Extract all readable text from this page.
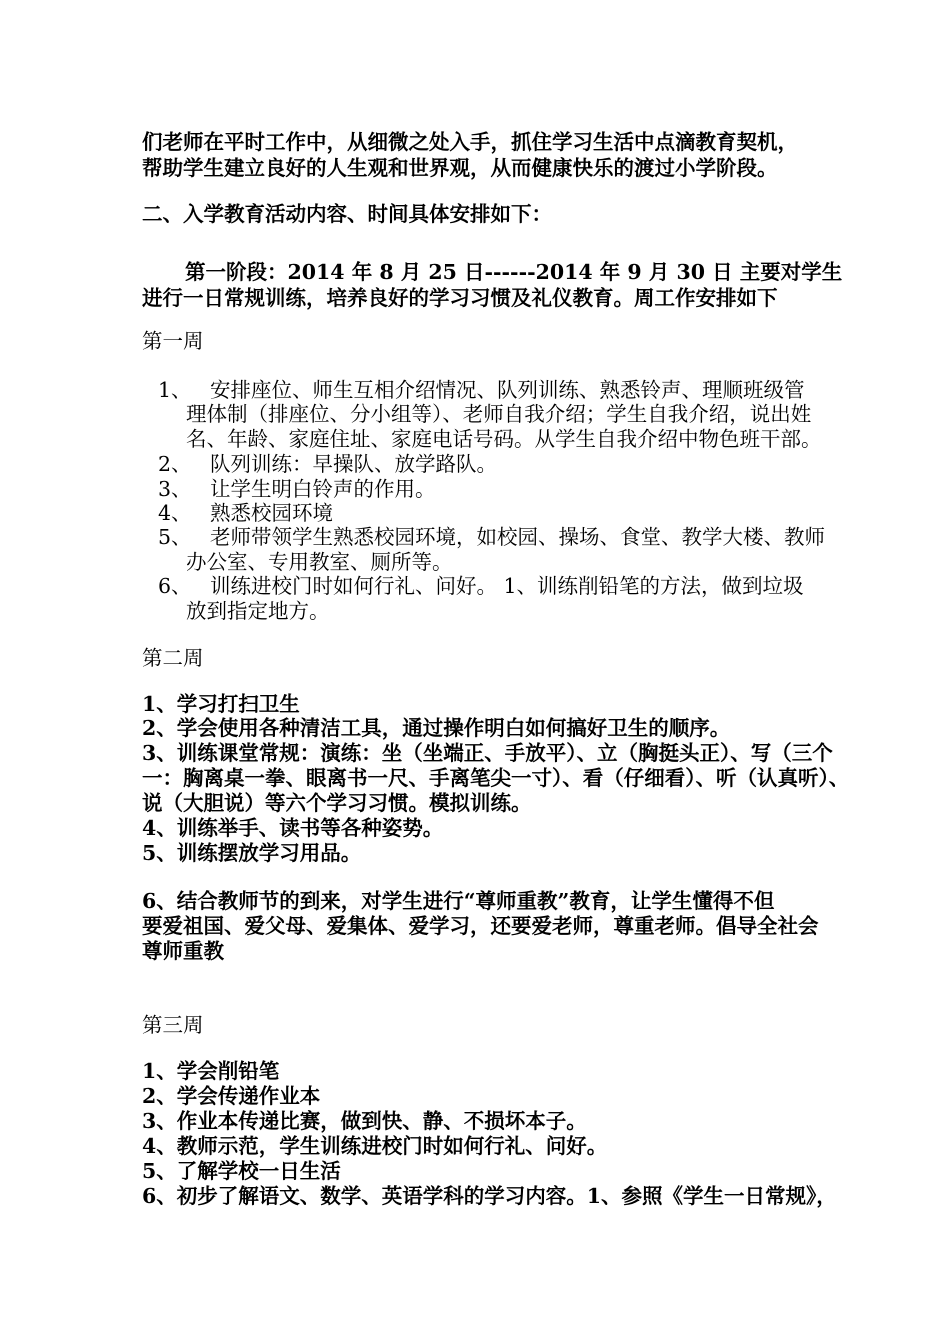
们老师在平时工作中，从细微之处入手，抓住学习生活中点滴教育契机，
帮助学生建立良好的人生观和世界观，从而健康快乐的渡过小学阶段。
二、入学教育活动内容、时间具体安排如下：
第一阶段：2014 年 8 月 25 日------2014 年 9 月 30 日 主要对学生
进行一日常规训练，培养良好的学习习惯及礼仪教育。周工作安排如下
第一周
1、 安排座位、师生互相介绍情况、队列训练、熟悉铃声、理顺班级管
理体制（排座位、分小组等）、老师自我介绍；学生自我介绍，说出姓
名、年龄、家庭住址、家庭电话号码。从学生自我介绍中物色班干部。
2、 队列训练：早操队、放学路队。
3、 让学生明白铃声的作用。
4、 熟悉校园环境
5、 老师带领学生熟悉校园环境，如校园、操场、食堂、教学大楼、教师
办公室、专用教室、厕所等。
6、 训练进校门时如何行礼、问好。 1、训练削铅笔的方法，做到垃圾
放到指定地方。
第二周
1、学习打扫卫生
2、学会使用各种清洁工具，通过操作明白如何搞好卫生的顺序。
3、训练课堂常规：演练：坐（坐端正、手放平）、立（胸挺头正）、写（三个
一：胸离桌一拳、眼离书一尺、手离笔尖一寸）、看（仔细看）、听（认真听）、
说（大胆说）等六个学习习惯。模拟训练。
4、训练举手、读书等各种姿势。
5、训练摆放学习用品。
6、结合教师节的到来，对学生进行“尊师重教”教育，让学生懂得不但
要爱祖国、爱父母、爱集体、爱学习，还要爱老师，尊重老师。倡导全社会
尊师重教
第三周
1、学会削铅笔
2、学会传递作业本
3、作业本传递比赛，做到快、静、不损坏本子。
4、教师示范，学生训练进校门时如何行礼、问好。
5、了解学校一日生活
6、初步了解语文、数学、英语学科的学习内容。1、参照《学生一日常规》，
